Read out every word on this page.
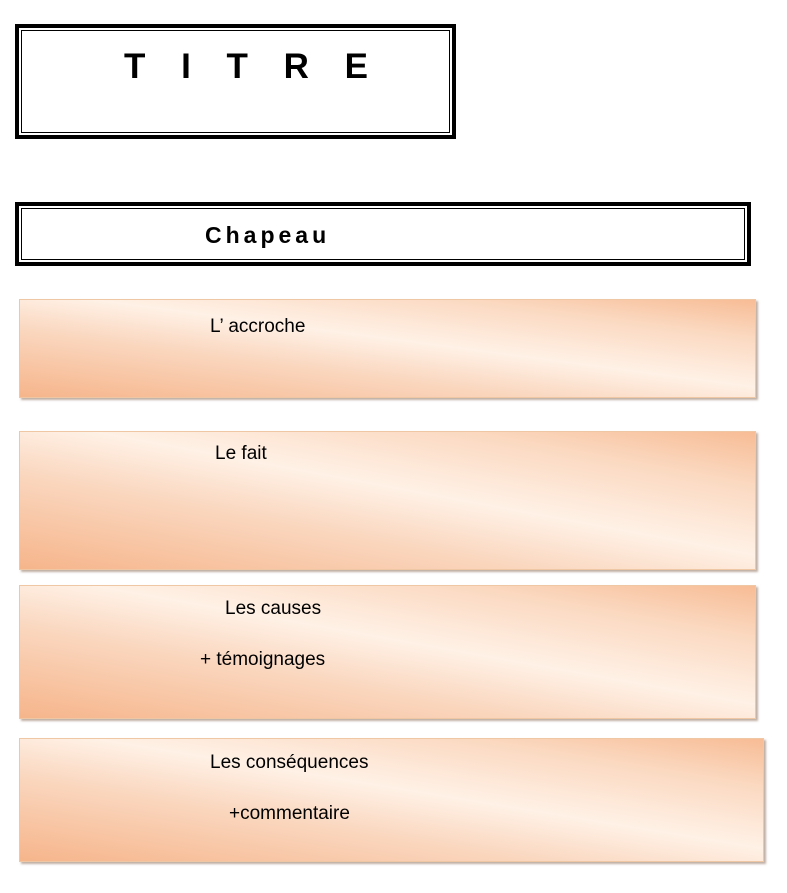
T I T R E
Chapeau
L’ accroche
Le fait
Les causes
+ témoignages
Les conséquences
+commentaire
